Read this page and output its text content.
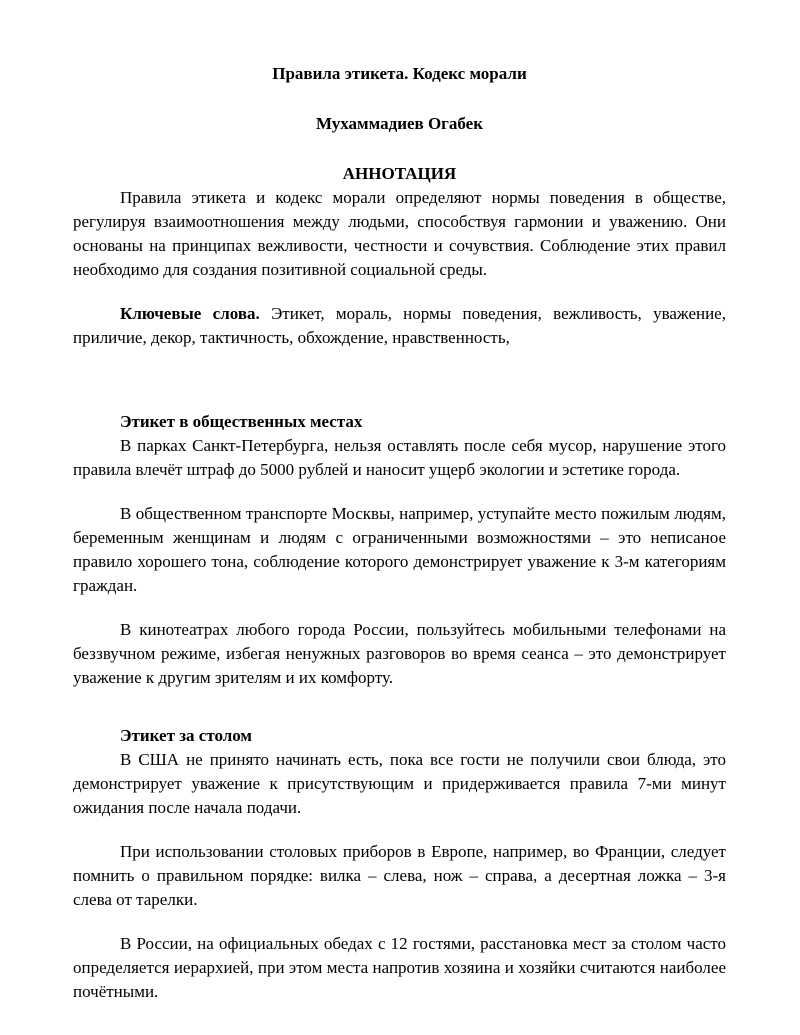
Правила этикета. Кодекс морали

Мухаммадиев Огабек

АННОТАЦИЯ

Правила этикета и кодекс морали определяют нормы поведения в обществе, регулируя взаимоотношения между людьми, способствуя гармонии и уважению. Они основаны на принципах вежливости, честности и сочувствия. Соблюдение этих правил необходимо для создания позитивной социальной среды.

Ключевые слова. Этикет, мораль, нормы поведения, вежливость, уважение, приличие, декор, тактичность, обхождение, нравственность,

Этикет в общественных местах

В парках Санкт-Петербурга, нельзя оставлять после себя мусор, нарушение этого правила влечёт штраф до 5000 рублей и наносит ущерб экологии и эстетике города.

В общественном транспорте Москвы, например, уступайте место пожилым людям, беременным женщинам и людям с ограниченными возможностями – это неписаное правило хорошего тона, соблюдение которого демонстрирует уважение к 3-м категориям граждан.

В кинотеатрах любого города России, пользуйтесь мобильными телефонами на беззвучном режиме, избегая ненужных разговоров во время сеанса – это демонстрирует уважение к другим зрителям и их комфорту.

Этикет за столом

В США не принято начинать есть, пока все гости не получили свои блюда, это демонстрирует уважение к присутствующим и придерживается правила 7-ми минут ожидания после начала подачи.

При использовании столовых приборов в Европе, например, во Франции, следует помнить о правильном порядке: вилка – слева, нож – справа, а десертная ложка – 3-я слева от тарелки.

В России, на официальных обедах с 12 гостями, расстановка мест за столом часто определяется иерархией, при этом места напротив хозяина и хозяйки считаются наиболее почётными.
